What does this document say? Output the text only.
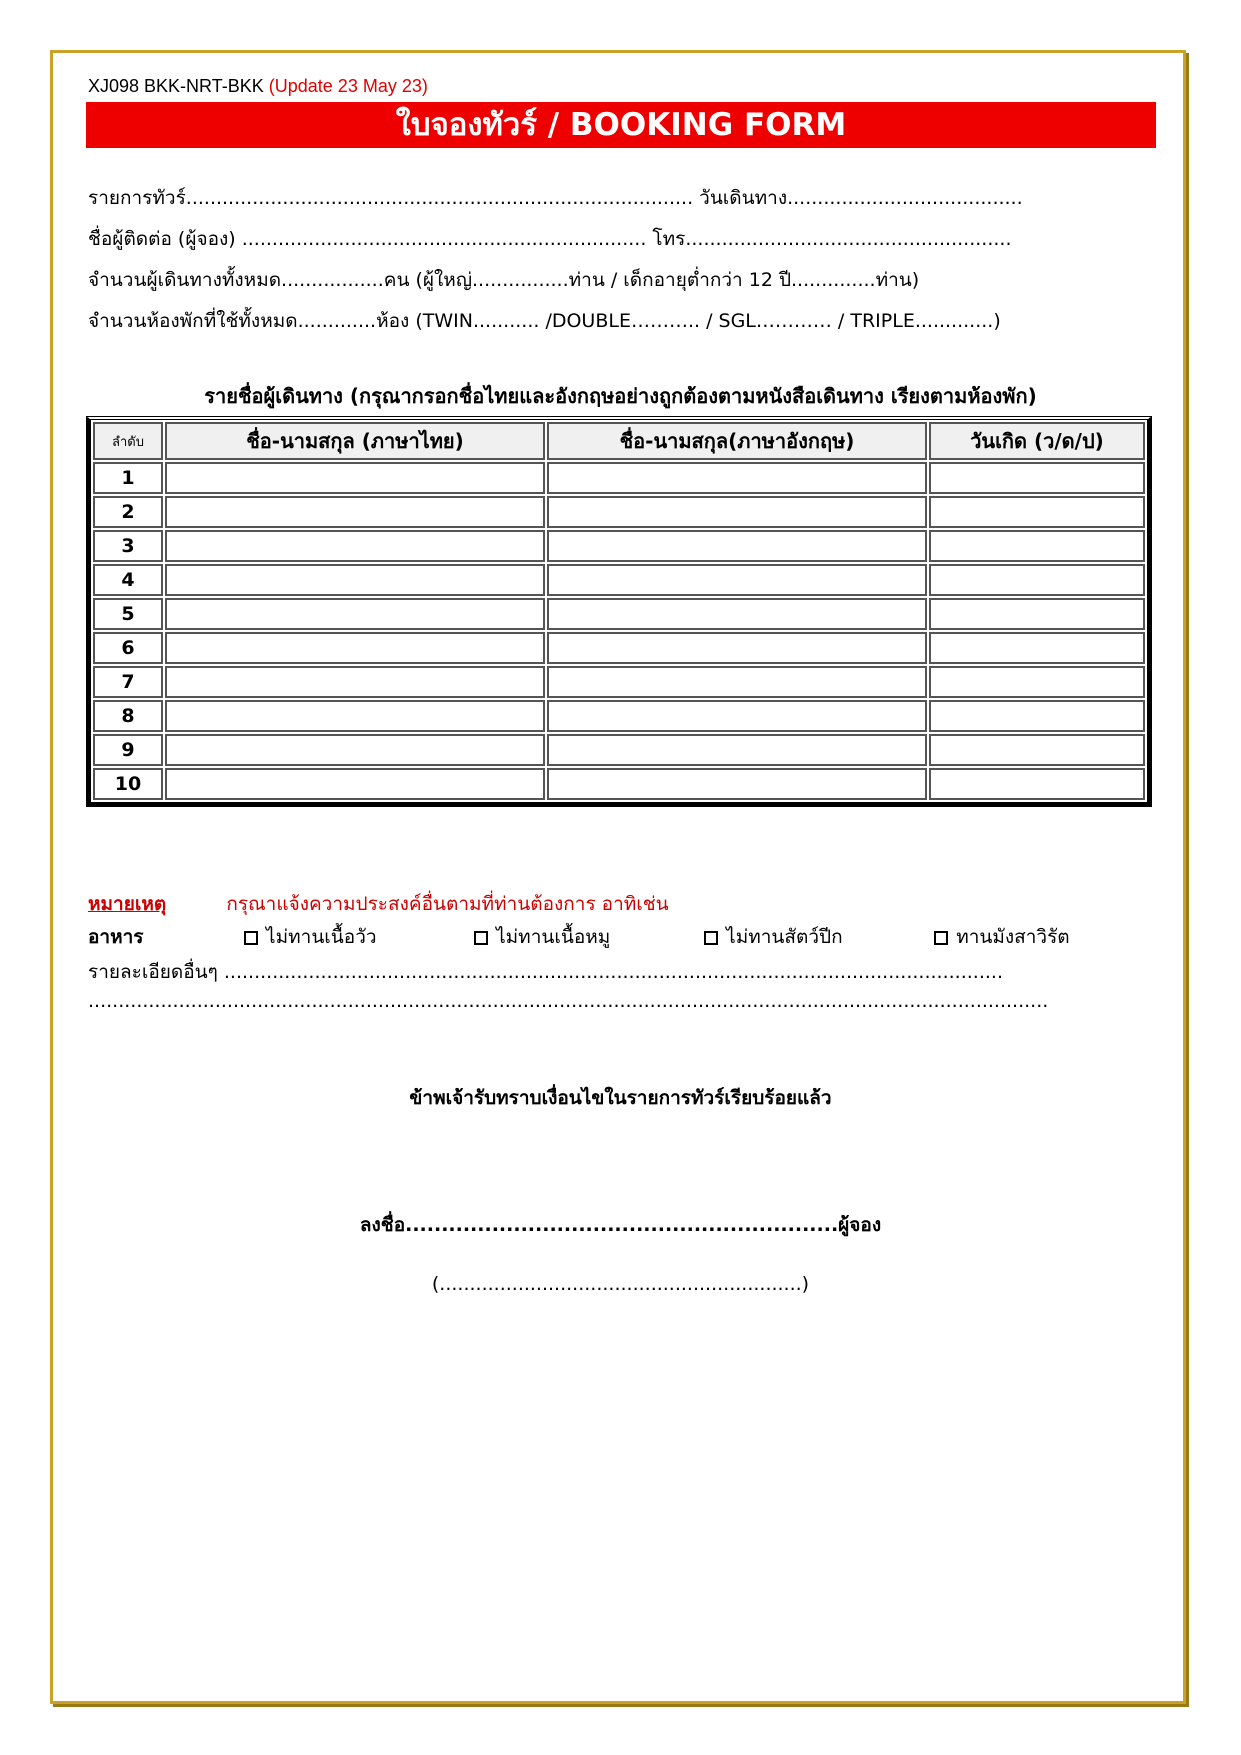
XJ098 BKK-NRT-BKK (Update 23 May 23)
ใบจองทัวร์ / BOOKING FORM
รายการทัวร์.................................................................................... วันเดินทาง.......................................
ชื่อผู้ติดต่อ (ผู้จอง) ................................................................... โทร......................................................
จำนวนผู้เดินทางทั้งหมด.................คน (ผู้ใหญ่................ท่าน / เด็กอายุต่ำกว่า 12 ปี..............ท่าน)
จำนวนห้องพักที่ใช้ทั้งหมด.............ห้อง (TWIN........... /DOUBLE……….. / SGL………… / TRIPLE.............)
รายชื่อผู้เดินทาง (กรุณากรอกชื่อไทยและอังกฤษอย่างถูกต้องตามหนังสือเดินทาง เรียงตามห้องพัก)
ลำดับ	ชื่อ-นามสกุล (ภาษาไทย)	ชื่อ-นามสกุล(ภาษาอังกฤษ)	วันเกิด (ว/ด/ป)
1			
2			
3			
4			
5			
6			
7			
8			
9			
10			
หมายเหตุ	กรุณาแจ้งความประสงค์อื่นตามที่ท่านต้องการ อาทิเช่น
อาหาร	ไม่ทานเนื้อวัว	ไม่ทานเนื้อหมู	ไม่ทานสัตว์ปีก	ทานมังสาวิรัต
รายละเอียดอื่นๆ .................................................................................................................................
...............................................................................................................................................................
ข้าพเจ้ารับทราบเงื่อนไขในรายการทัวร์เรียบร้อยแล้ว
ลงชื่อ............................................................ผู้จอง
(............................................................)
